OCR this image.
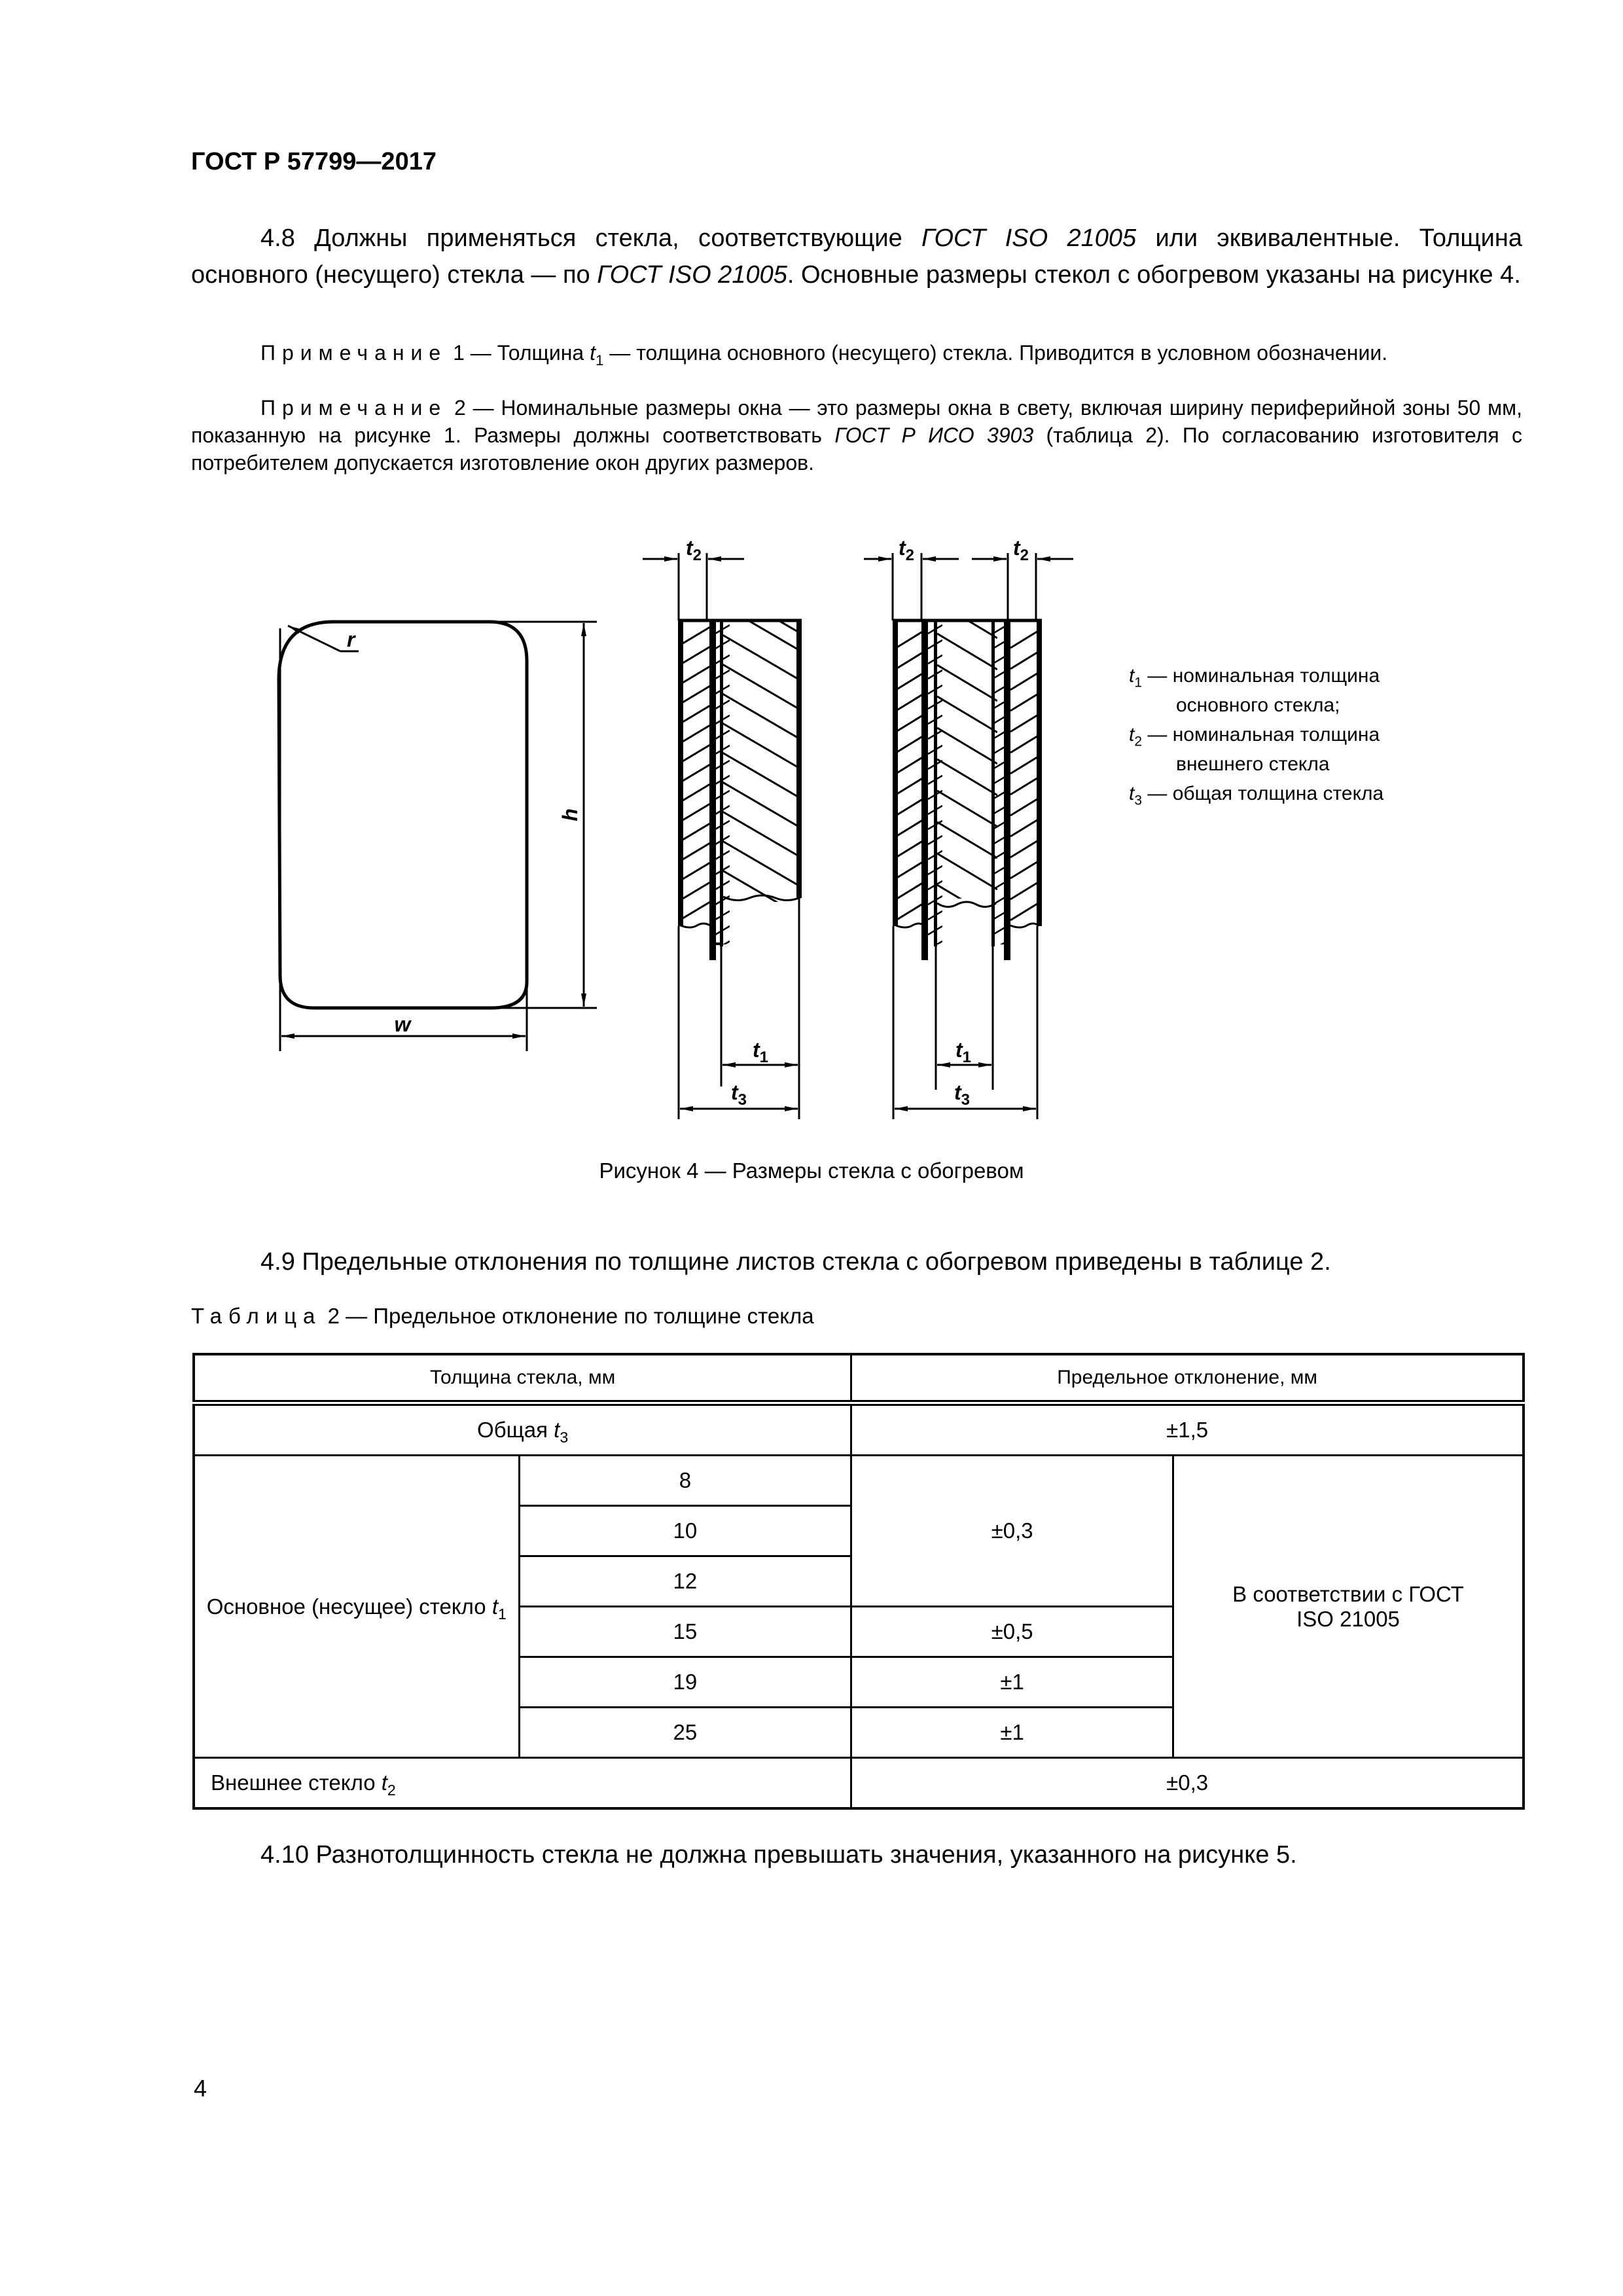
ГОСТ Р 57799—2017
4.8 Должны применяться стекла, соответствующие ГОСТ ISO 21005 или эквивалентные. Толщина основного (несущего) стекла — по ГОСТ ISO 21005. Основные размеры стекол с обогревом указаны на рисунке 4.
Примечание 1 — Толщина $t_1$ — толщина основного (несущего) стекла. Приводится в условном обозначении.
Примечание 2 — Номинальные размеры окна — это размеры окна в свету, включая ширину периферийной зоны 50 мм, показанную на рисунке 1. Размеры должны соответствовать ГОСТ Р ИСО 3903 (таблица 2). По согласованию изготовителя с потребителем допускается изготовление окон других размеров.
r
h
w
$t_2$
$t_1$
$t_3$
$t_2$	$t_2$
$t_1$
$t_3$
$t_1$ — номинальная толщина
основного стекла;
$t_2$ — номинальная толщина
внешнего стекла
$t_3$ — общая толщина стекла
Рисунок 4 — Размеры стекла с обогревом
4.9 Предельные отклонения по толщине листов стекла с обогревом приведены в таблице 2.
Таблица 2 — Предельное отклонение по толщине стекла
Толщина стекла, мм		Предельное отклонение, мм	
Общая $t_3$		±1,5	
Основное (несущее) стекло $t_1$	8	±0,3	В соответствии с ГОСТ ISO 21005
	10		
	12		
	15	±0,5	
	19	±1	
	25	±1	
Внешнее стекло $t_2$		±0,3	
4.10 Разнотолщинность стекла не должна превышать значения, указанного на рисунке 5.
4
